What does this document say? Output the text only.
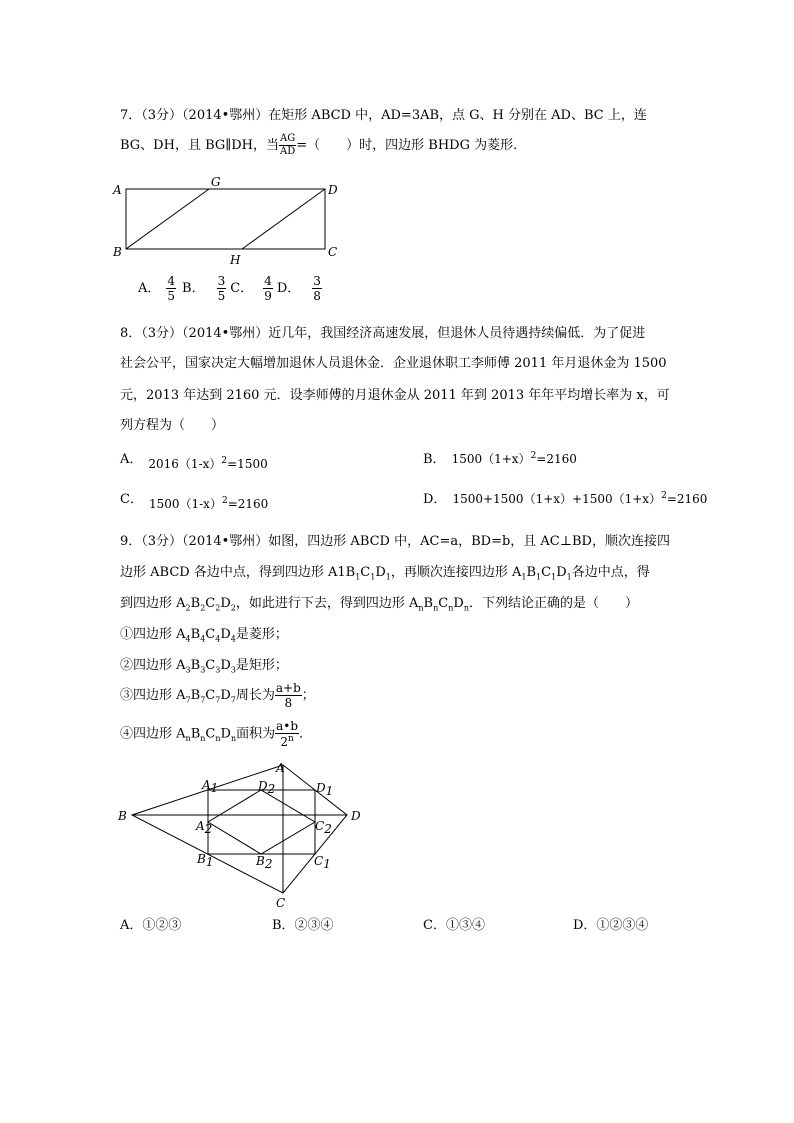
7．（3分）（2014•鄂州）在矩形 ABCD 中，AD=3AB，点 G、H 分别在 AD、BC 上，连
BG、DH，且 BG∥DH，当 $\frac{AG}{AD}$ =（　　）时，四边形 BHDG 为菱形．
A
G
D
B
H
C
A． $\frac{4}{5}$ B． $\frac{3}{5}$ C． $\frac{4}{9}$ D． $\frac{3}{8}$
8．（3分）（2014•鄂州）近几年，我国经济高速发展，但退休人员待遇持续偏低．为了促进
社会公平，国家决定大幅增加退休人员退休金．企业退休职工李师傅 2011 年月退休金为 1500
元，2013 年达到 2160 元．设李师傅的月退休金从 2011 年到 2013 年年平均增长率为 x，可
列方程为（　　）
A． $2016(1-x)^2=1500$	B． $1500(1+x)^2=2160$
C． $1500(1-x)^2=2160$	D． $1500+1500(1+x)+1500(1+x)^2=2160$
9．（3分）（2014•鄂州）如图，四边形 ABCD 中，AC=a，BD=b，且 AC⊥BD，顺次连接四
边形 ABCD 各边中点，得到四边形 $A1B_1C_1D_1$，再顺次连接四边形 $A_1B_1C_1D_1$各边中点，得
到四边形 $A_2B_2C_2D_2$，如此进行下去，得到四边形 $A_nB_nC_nD_n$．下列结论正确的是（　　）
①四边形 $A_4B_4C_4D_4$是菱形；
②四边形 $A_3B_3C_3D_3$是矩形；
③四边形 $A_7B_7C_7D_7$周长为 $\frac{a+b}{8}$ ；
④四边形 $A_nB_nC_nD_n$面积为 $\frac{a•b}{2^n}$ ．
A
B	D
C
A1	D2	D1
A2	C2
B1	B2	C1
A．①②③	B．②③④	C．①③④	D．①②③④
